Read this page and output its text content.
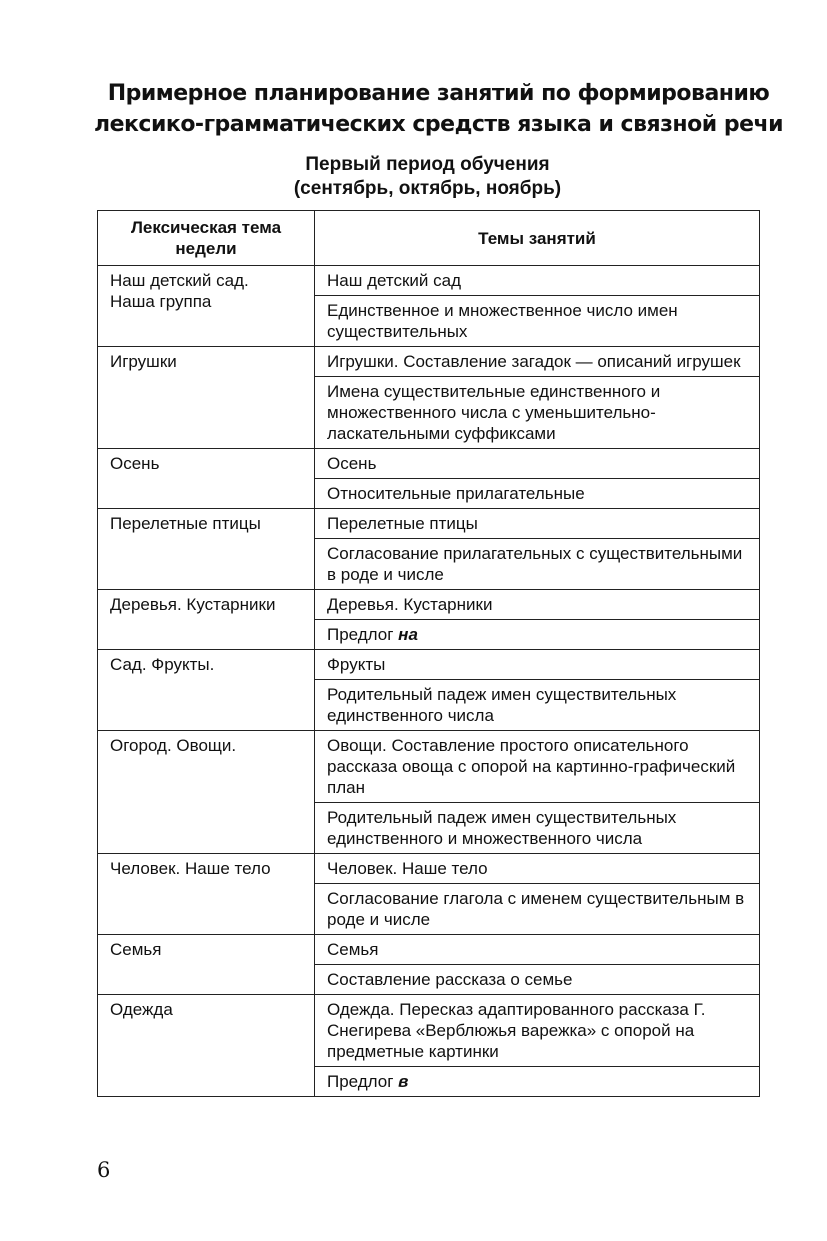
Примерное планирование занятий по формированию
лексико-грамматических средств языка и связной речи
Первый период обучения
(сентябрь, октябрь, ноябрь)
Лексическая тема недели	Темы занятий

Наш детский сад.
Наша группа	Наш детский сад
	Единственное и множественное число имен существительных

Игрушки	Игрушки. Составление загадок — описаний игрушек
	Имена существительные единственного и множественного числа с уменьшительно-ласкательными суффиксами

Осень	Осень
	Относительные прилагательные

Перелетные птицы	Перелетные птицы
	Согласование прилагательных с существительными в роде и числе

Деревья. Кустарники	Деревья. Кустарники
	Предлог на

Сад. Фрукты.	Фрукты
	Родительный падеж имен существительных единственного числа

Огород. Овощи.	Овощи. Составление простого описательного рассказа овоща с опорой на картинно-графический план
	Родительный падеж имен существительных единственного и множественного числа

Человек. Наше тело	Человек. Наше тело
	Согласование глагола с именем существительным в роде и числе

Семья	Семья
	Составление рассказа о семье

Одежда	Одежда. Пересказ адаптированного рассказа Г. Снегирева «Верблюжья варежка» с опорой на предметные картинки
	Предлог в
6
